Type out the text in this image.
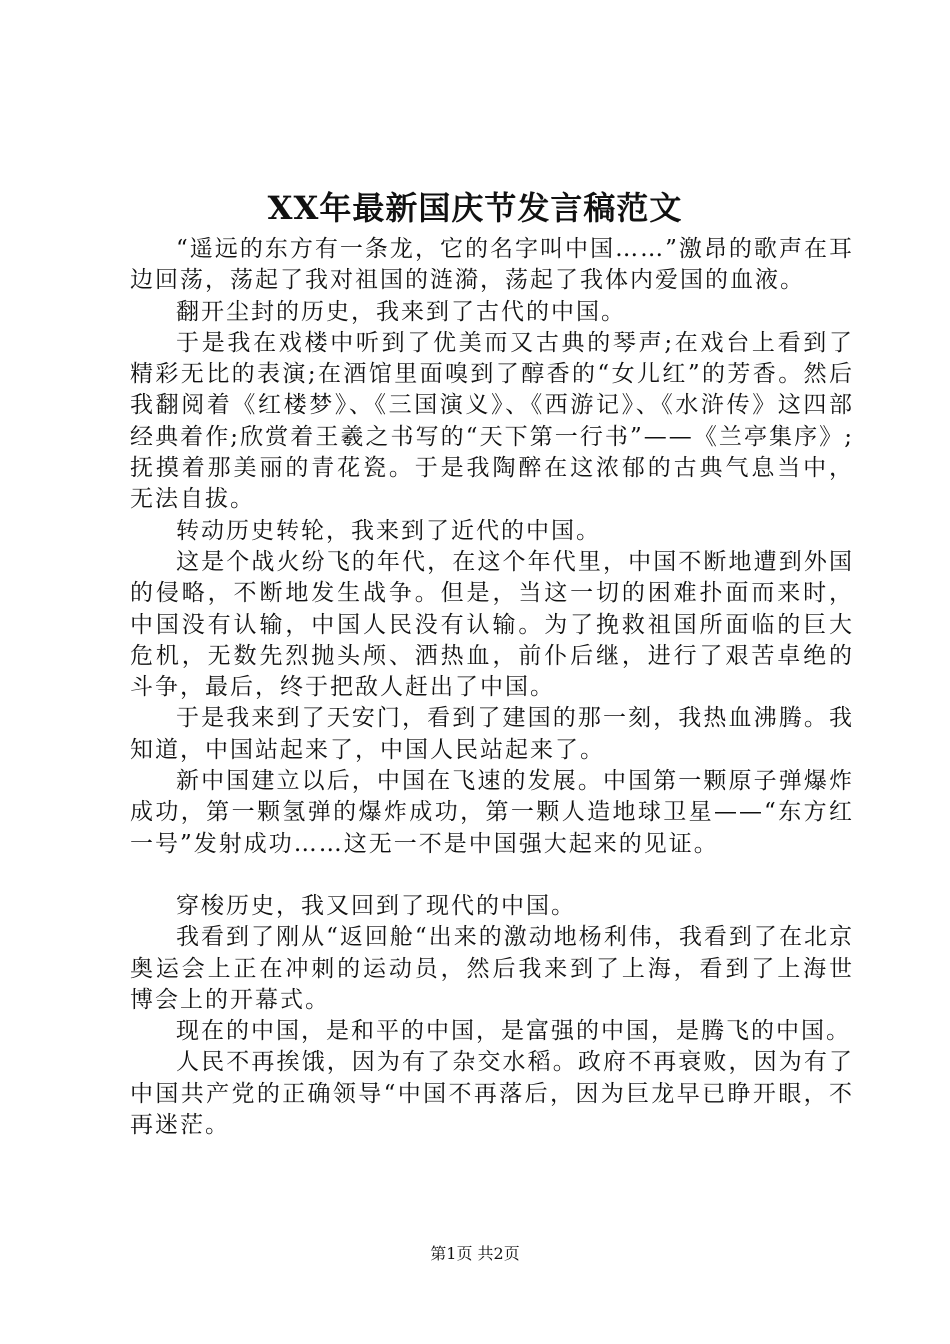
XX年最新国庆节发言稿范文

“遥远的东方有一条龙，它的名字叫中国……”激昂的歌声在耳边回荡，荡起了我对祖国的涟漪，荡起了我体内爱国的血液。

翻开尘封的历史，我来到了古代的中国。

于是我在戏楼中听到了优美而又古典的琴声;在戏台上看到了精彩无比的表演;在酒馆里面嗅到了醇香的“女儿红”的芳香。然后我翻阅着《红楼梦》、《三国演义》、《西游记》、《水浒传》这四部经典着作;欣赏着王羲之书写的“天下第一行书”——《兰亭集序》;抚摸着那美丽的青花瓷。于是我陶醉在这浓郁的古典气息当中，无法自拔。

转动历史转轮，我来到了近代的中国。

这是个战火纷飞的年代，在这个年代里，中国不断地遭到外国的侵略，不断地发生战争。但是，当这一切的困难扑面而来时，中国没有认输，中国人民没有认输。为了挽救祖国所面临的巨大危机，无数先烈抛头颅、洒热血，前仆后继，进行了艰苦卓绝的斗争，最后，终于把敌人赶出了中国。

于是我来到了天安门，看到了建国的那一刻，我热血沸腾。我知道，中国站起来了，中国人民站起来了。

新中国建立以后，中国在飞速的发展。中国第一颗原子弹爆炸成功，第一颗氢弹的爆炸成功，第一颗人造地球卫星——“东方红一号”发射成功……这无一不是中国强大起来的见证。

穿梭历史，我又回到了现代的中国。

我看到了刚从“返回舱“出来的激动地杨利伟，我看到了在北京奥运会上正在冲刺的运动员，然后我来到了上海，看到了上海世博会上的开幕式。

现在的中国，是和平的中国，是富强的中国，是腾飞的中国。

人民不再挨饿，因为有了杂交水稻。政府不再衰败，因为有了中国共产党的正确领导“中国不再落后，因为巨龙早已睁开眼，不再迷茫。

第1页 共2页
